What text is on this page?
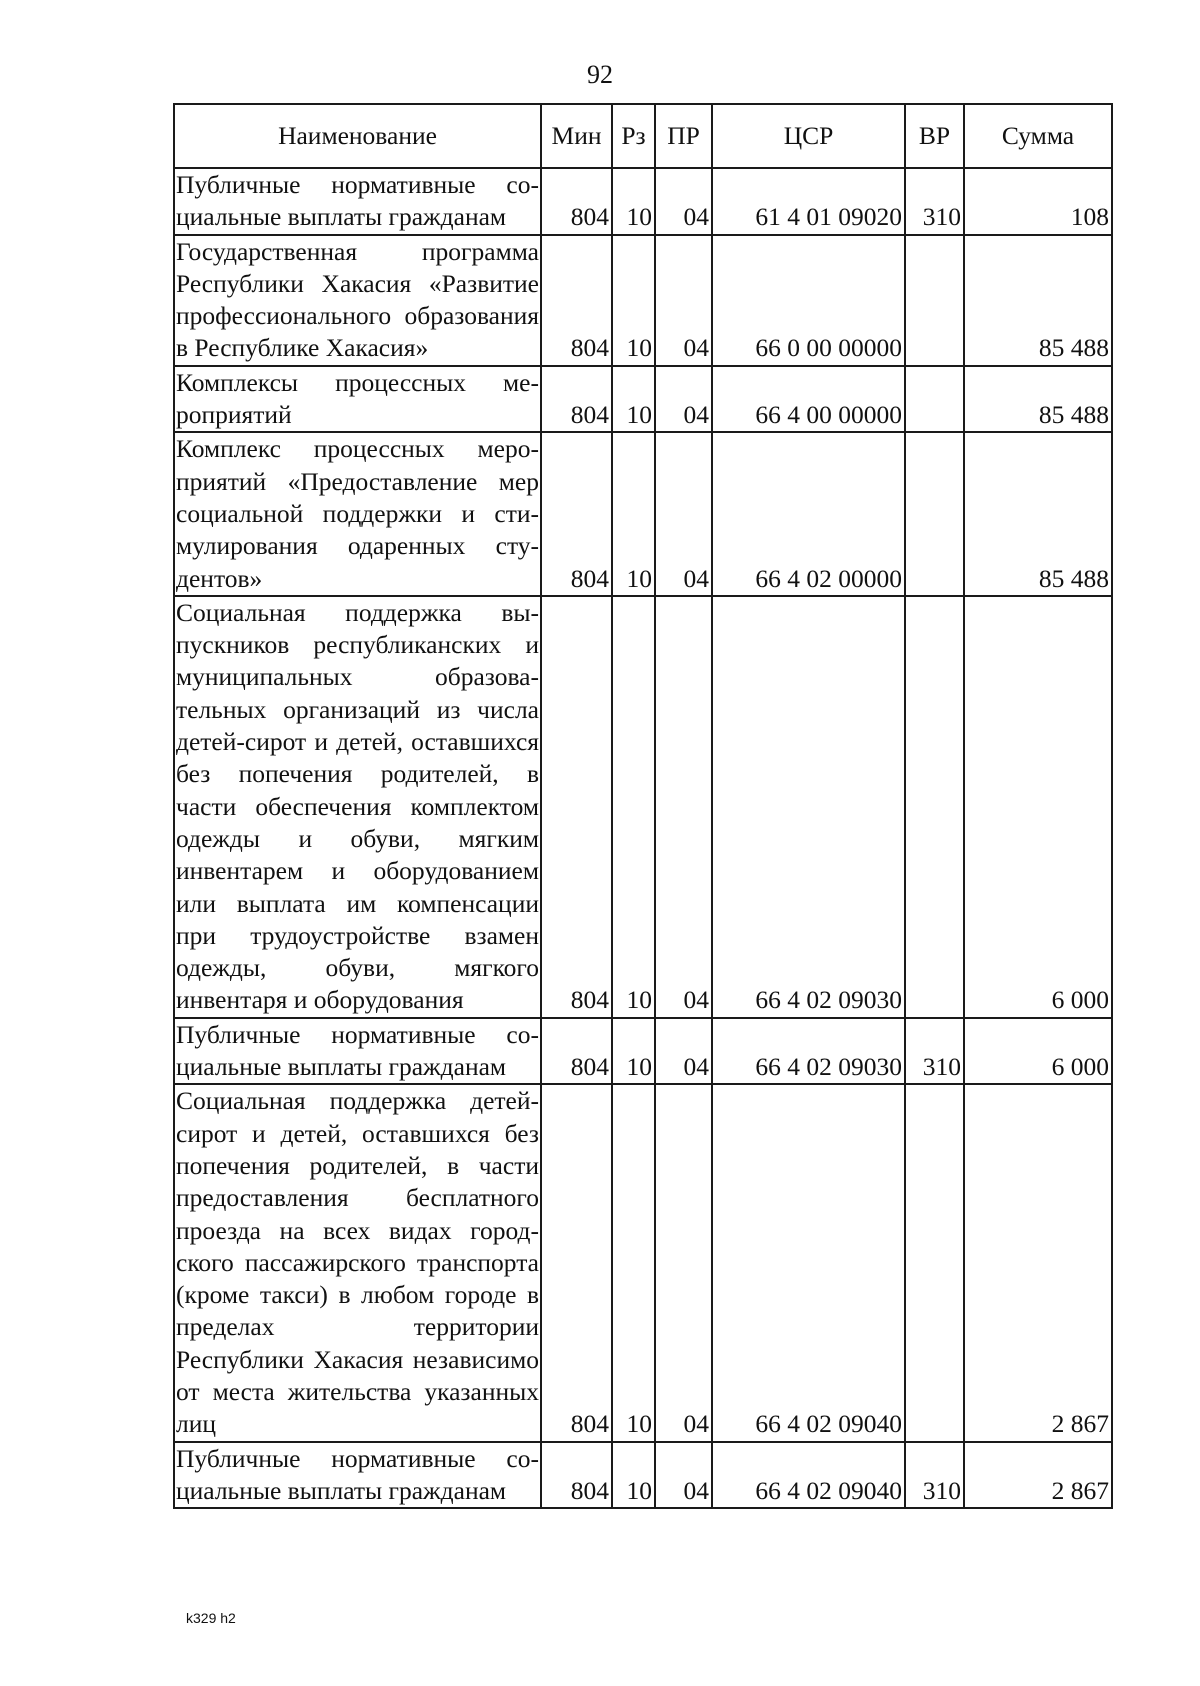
92
Наименование	Мин	Рз	ПР	ЦСР	ВР	Сумма
Публичные нормативные социальные выплаты гражданам	804	10	04	61 4 01 09020	310	108
Государственная программа Республики Хакасия «Развитие профессионального образования в Республике Хакасия»	804	10	04	66 0 00 00000		85 488
Комплексы процессных мероприятий	804	10	04	66 4 00 00000		85 488
Комплекс процессных мероприятий «Предоставление мер социальной поддержки и стимулирования одаренных студентов»	804	10	04	66 4 02 00000		85 488
Социальная поддержка выпускников республиканских и муниципальных образовательных организаций из числа детей-сирот и детей, оставшихся без попечения родителей, в части обеспечения комплектом одежды и обуви, мягким инвентарем и оборудованием или выплата им компенсации при трудоустройстве взамен одежды, обуви, мягкого инвентаря и оборудования	804	10	04	66 4 02 09030		6 000
Публичные нормативные социальные выплаты гражданам	804	10	04	66 4 02 09030	310	6 000
Социальная поддержка детей-сирот и детей, оставшихся без попечения родителей, в части предоставления бесплатного проезда на всех видах городского пассажирского транспорта (кроме такси) в любом городе в пределах территории Республики Хакасия независимо от места жительства указанных лиц	804	10	04	66 4 02 09040		2 867
Публичные нормативные социальные выплаты гражданам	804	10	04	66 4 02 09040	310	2 867
k329 h2
